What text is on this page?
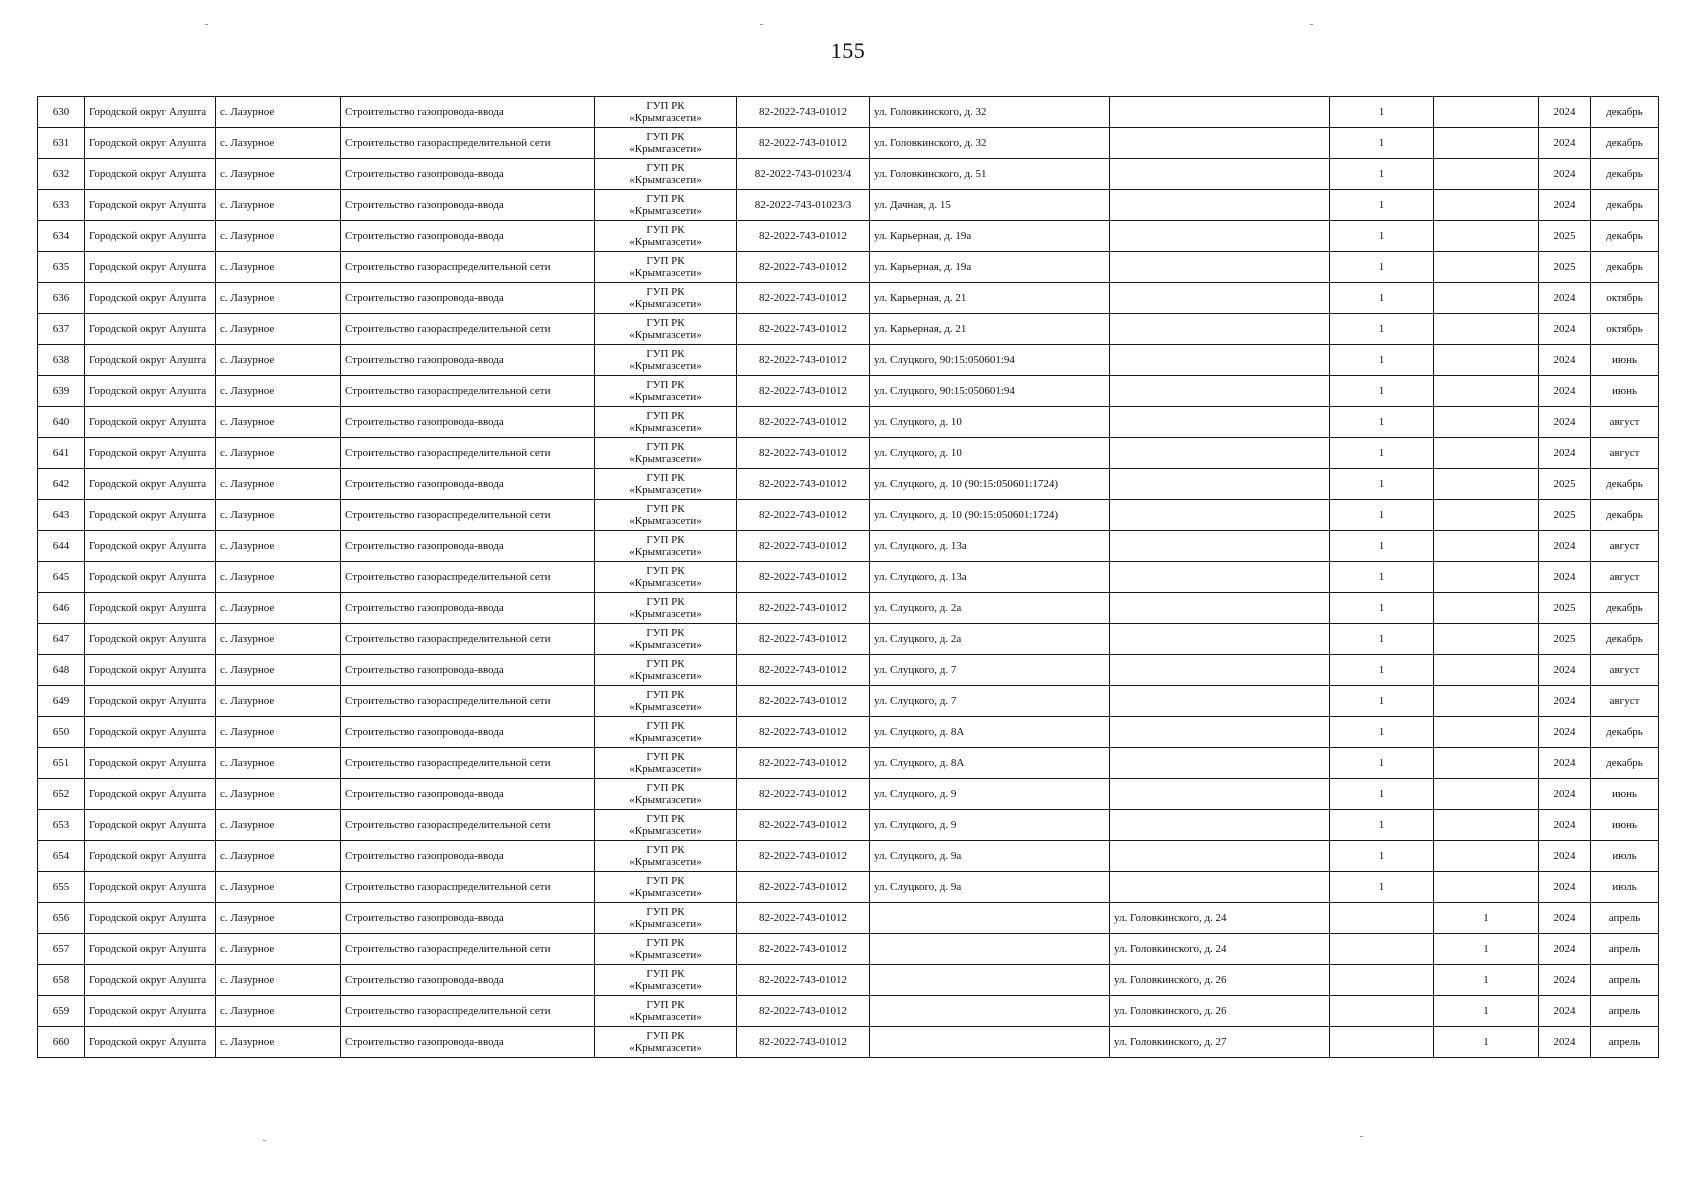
155
630	Городской округ Алушта	с. Лазурное	Строительство газопровода-ввода	ГУП РК
«Крымгазсети»	82-2022-743-01012	ул. Головкинского, д. 32		1		2024	декабрь
631	Городской округ Алушта	с. Лазурное	Строительство газораспределительной сети	ГУП РК
«Крымгазсети»	82-2022-743-01012	ул. Головкинского, д. 32		1		2024	декабрь
632	Городской округ Алушта	с. Лазурное	Строительство газопровода-ввода	ГУП РК
«Крымгазсети»	82-2022-743-01023/4	ул. Головкинского, д. 51		1		2024	декабрь
633	Городской округ Алушта	с. Лазурное	Строительство газопровода-ввода	ГУП РК
«Крымгазсети»	82-2022-743-01023/3	ул. Дачная, д. 15		1		2024	декабрь
634	Городской округ Алушта	с. Лазурное	Строительство газопровода-ввода	ГУП РК
«Крымгазсети»	82-2022-743-01012	ул. Карьерная, д. 19а		1		2025	декабрь
635	Городской округ Алушта	с. Лазурное	Строительство газораспределительной сети	ГУП РК
«Крымгазсети»	82-2022-743-01012	ул. Карьерная, д. 19а		1		2025	декабрь
636	Городской округ Алушта	с. Лазурное	Строительство газопровода-ввода	ГУП РК
«Крымгазсети»	82-2022-743-01012	ул. Карьерная, д. 21		1		2024	октябрь
637	Городской округ Алушта	с. Лазурное	Строительство газораспределительной сети	ГУП РК
«Крымгазсети»	82-2022-743-01012	ул. Карьерная, д. 21		1		2024	октябрь
638	Городской округ Алушта	с. Лазурное	Строительство газопровода-ввода	ГУП РК
«Крымгазсети»	82-2022-743-01012	ул. Слуцкого, 90:15:050601:94		1		2024	июнь
639	Городской округ Алушта	с. Лазурное	Строительство газораспределительной сети	ГУП РК
«Крымгазсети»	82-2022-743-01012	ул. Слуцкого, 90:15:050601:94		1		2024	июнь
640	Городской округ Алушта	с. Лазурное	Строительство газопровода-ввода	ГУП РК
«Крымгазсети»	82-2022-743-01012	ул. Слуцкого, д. 10		1		2024	август
641	Городской округ Алушта	с. Лазурное	Строительство газораспределительной сети	ГУП РК
«Крымгазсети»	82-2022-743-01012	ул. Слуцкого, д. 10		1		2024	август
642	Городской округ Алушта	с. Лазурное	Строительство газопровода-ввода	ГУП РК
«Крымгазсети»	82-2022-743-01012	ул. Слуцкого, д. 10 (90:15:050601:1724)		1		2025	декабрь
643	Городской округ Алушта	с. Лазурное	Строительство газораспределительной сети	ГУП РК
«Крымгазсети»	82-2022-743-01012	ул. Слуцкого, д. 10 (90:15:050601:1724)		1		2025	декабрь
644	Городской округ Алушта	с. Лазурное	Строительство газопровода-ввода	ГУП РК
«Крымгазсети»	82-2022-743-01012	ул. Слуцкого, д. 13а		1		2024	август
645	Городской округ Алушта	с. Лазурное	Строительство газораспределительной сети	ГУП РК
«Крымгазсети»	82-2022-743-01012	ул. Слуцкого, д. 13а		1		2024	август
646	Городской округ Алушта	с. Лазурное	Строительство газопровода-ввода	ГУП РК
«Крымгазсети»	82-2022-743-01012	ул. Слуцкого, д. 2а		1		2025	декабрь
647	Городской округ Алушта	с. Лазурное	Строительство газораспределительной сети	ГУП РК
«Крымгазсети»	82-2022-743-01012	ул. Слуцкого, д. 2а		1		2025	декабрь
648	Городской округ Алушта	с. Лазурное	Строительство газопровода-ввода	ГУП РК
«Крымгазсети»	82-2022-743-01012	ул. Слуцкого, д. 7		1		2024	август
649	Городской округ Алушта	с. Лазурное	Строительство газораспределительной сети	ГУП РК
«Крымгазсети»	82-2022-743-01012	ул. Слуцкого, д. 7		1		2024	август
650	Городской округ Алушта	с. Лазурное	Строительство газопровода-ввода	ГУП РК
«Крымгазсети»	82-2022-743-01012	ул. Слуцкого, д. 8А		1		2024	декабрь
651	Городской округ Алушта	с. Лазурное	Строительство газораспределительной сети	ГУП РК
«Крымгазсети»	82-2022-743-01012	ул. Слуцкого, д. 8А		1		2024	декабрь
652	Городской округ Алушта	с. Лазурное	Строительство газопровода-ввода	ГУП РК
«Крымгазсети»	82-2022-743-01012	ул. Слуцкого, д. 9		1		2024	июнь
653	Городской округ Алушта	с. Лазурное	Строительство газораспределительной сети	ГУП РК
«Крымгазсети»	82-2022-743-01012	ул. Слуцкого, д. 9		1		2024	июнь
654	Городской округ Алушта	с. Лазурное	Строительство газопровода-ввода	ГУП РК
«Крымгазсети»	82-2022-743-01012	ул. Слуцкого, д. 9а		1		2024	июль
655	Городской округ Алушта	с. Лазурное	Строительство газораспределительной сети	ГУП РК
«Крымгазсети»	82-2022-743-01012	ул. Слуцкого, д. 9а		1		2024	июль
656	Городской округ Алушта	с. Лазурное	Строительство газопровода-ввода	ГУП РК
«Крымгазсети»	82-2022-743-01012		ул. Головкинского, д. 24		1	2024	апрель
657	Городской округ Алушта	с. Лазурное	Строительство газораспределительной сети	ГУП РК
«Крымгазсети»	82-2022-743-01012		ул. Головкинского, д. 24		1	2024	апрель
658	Городской округ Алушта	с. Лазурное	Строительство газопровода-ввода	ГУП РК
«Крымгазсети»	82-2022-743-01012		ул. Головкинского, д. 26		1	2024	апрель
659	Городской округ Алушта	с. Лазурное	Строительство газораспределительной сети	ГУП РК
«Крымгазсети»	82-2022-743-01012		ул. Головкинского, д. 26		1	2024	апрель
660	Городской округ Алушта	с. Лазурное	Строительство газопровода-ввода	ГУП РК
«Крымгазсети»	82-2022-743-01012		ул. Головкинского, д. 27		1	2024	апрель
